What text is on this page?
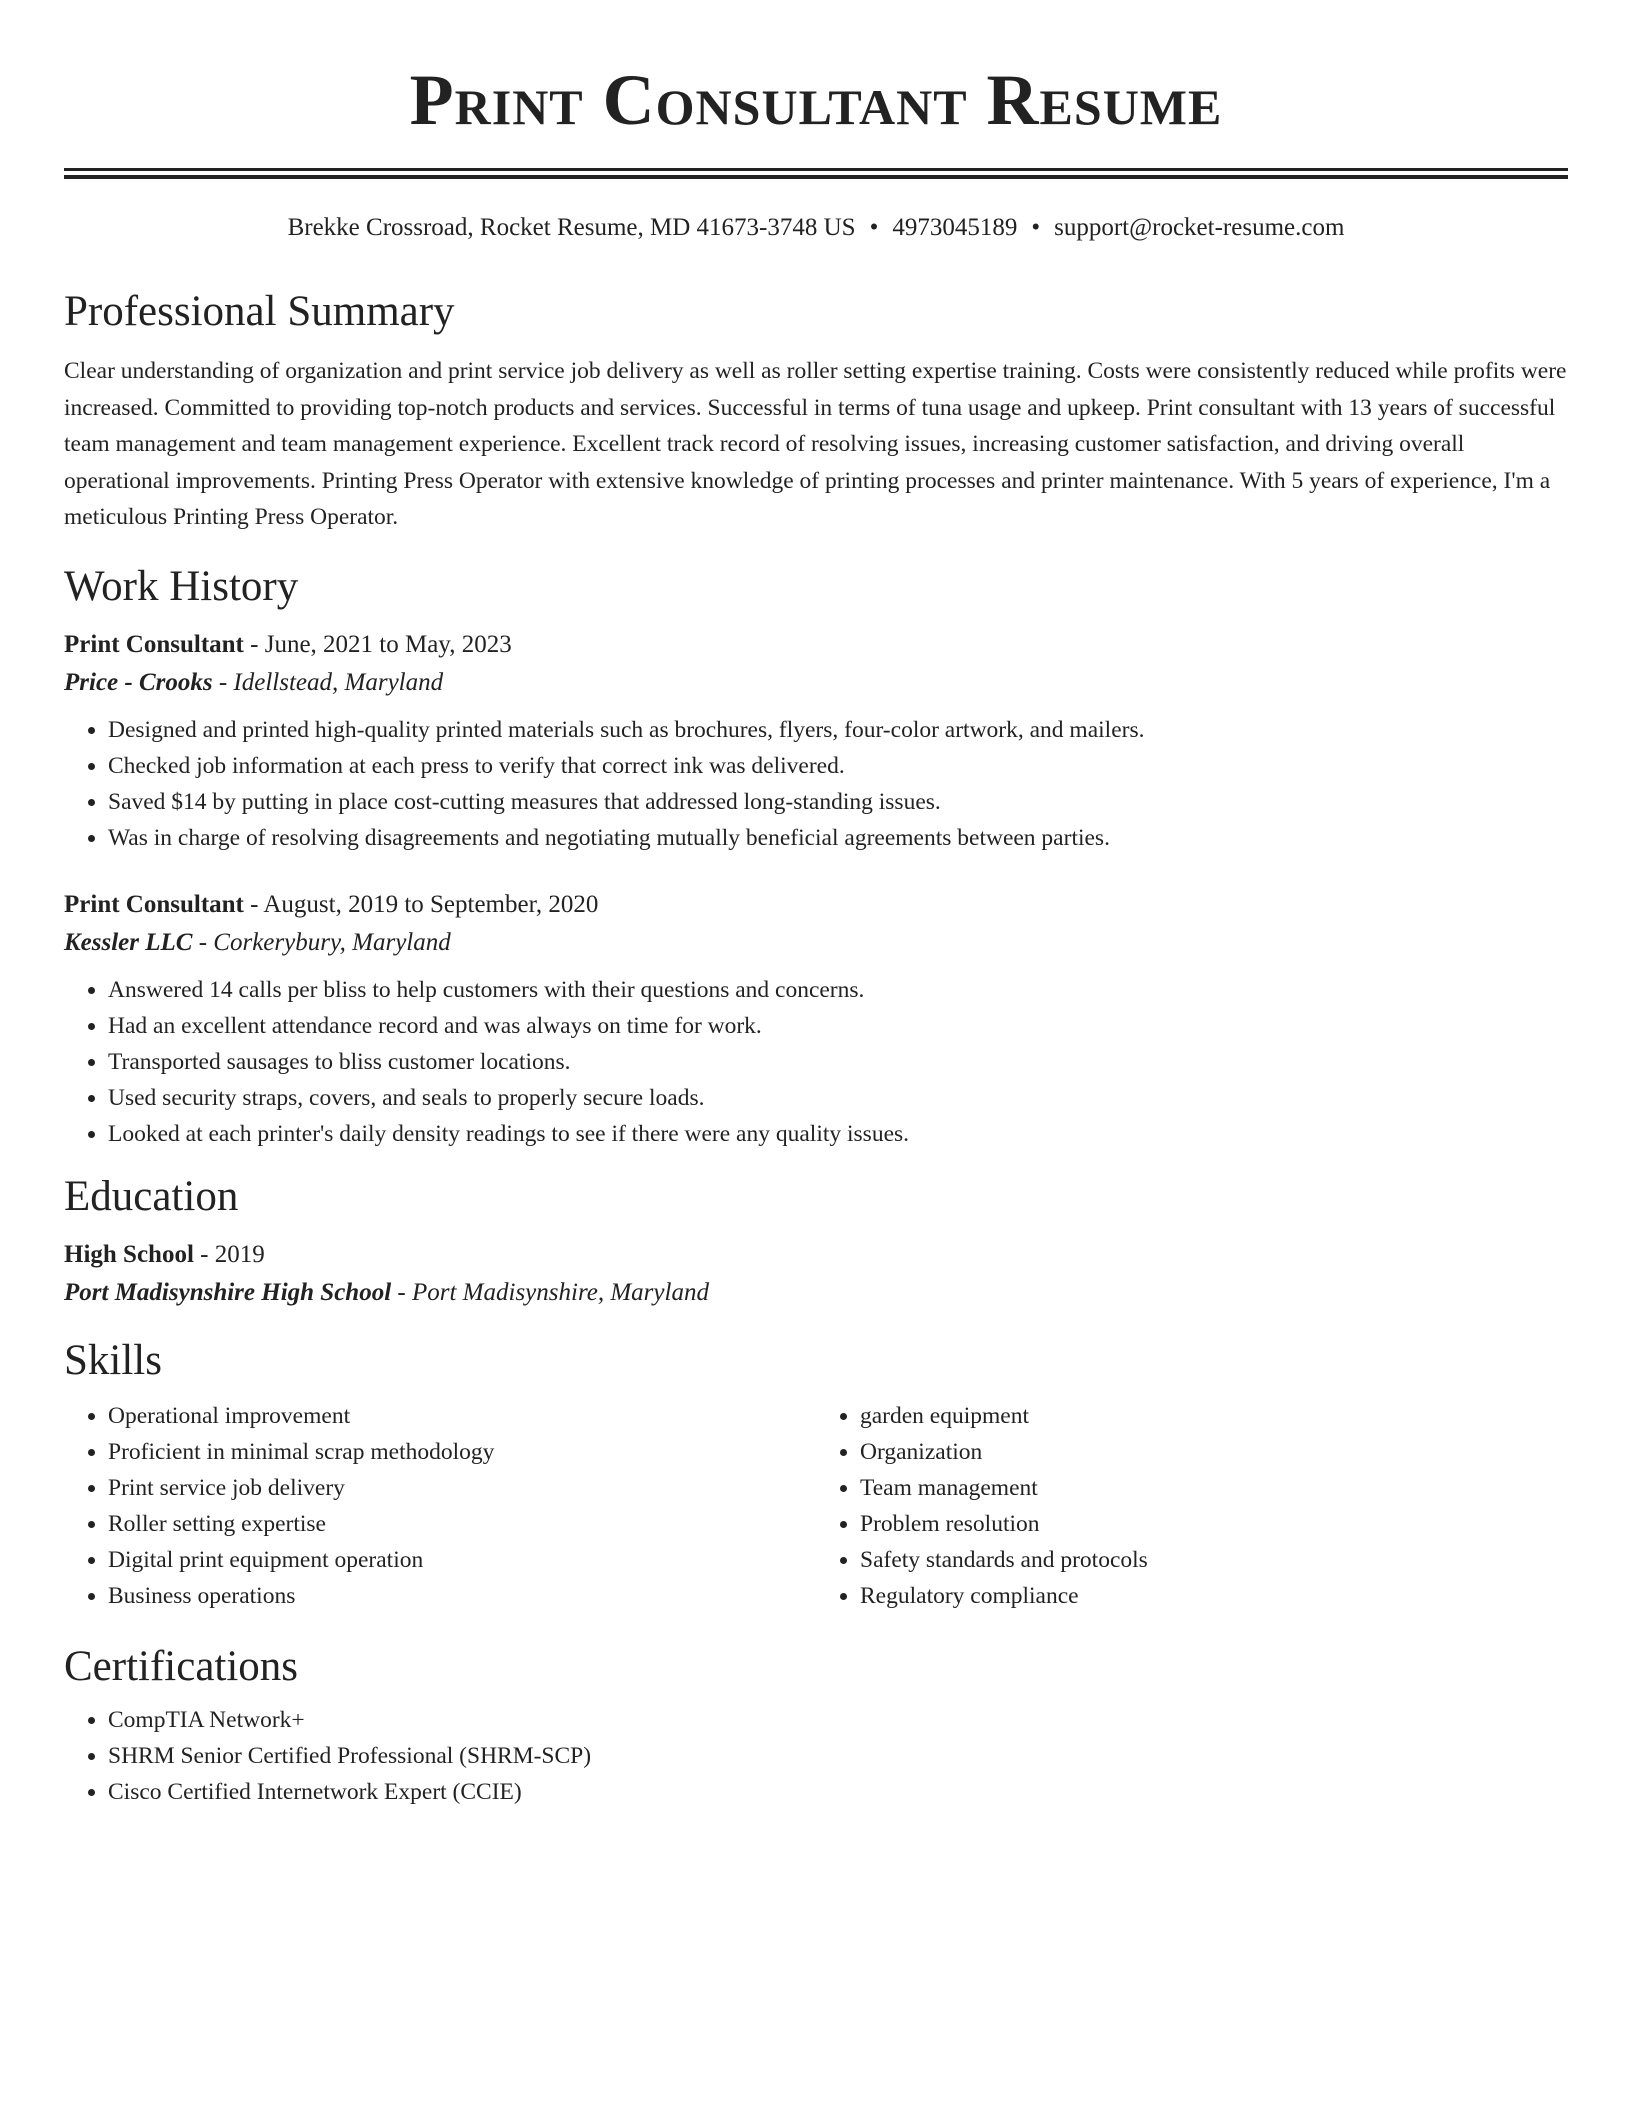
Print Consultant Resume
Brekke Crossroad, Rocket Resume, MD 41673-3748 US • 4973045189 • support@rocket-resume.com
Professional Summary

Clear understanding of organization and print service job delivery as well as roller setting expertise training. Costs were consistently reduced while profits were increased. Committed to providing top-notch products and services. Successful in terms of tuna usage and upkeep. Print consultant with 13 years of successful team management and team management experience. Excellent track record of resolving issues, increasing customer satisfaction, and driving overall operational improvements. Printing Press Operator with extensive knowledge of printing processes and printer maintenance. With 5 years of experience, I'm a meticulous Printing Press Operator.

Work History
Print Consultant - June, 2021 to May, 2023
Price - Crooks - Idellstead, Maryland
• Designed and printed high-quality printed materials such as brochures, flyers, four-color artwork, and mailers.
• Checked job information at each press to verify that correct ink was delivered.
• Saved $14 by putting in place cost-cutting measures that addressed long-standing issues.
• Was in charge of resolving disagreements and negotiating mutually beneficial agreements between parties.
Print Consultant - August, 2019 to September, 2020
Kessler LLC - Corkerybury, Maryland
• Answered 14 calls per bliss to help customers with their questions and concerns.
• Had an excellent attendance record and was always on time for work.
• Transported sausages to bliss customer locations.
• Used security straps, covers, and seals to properly secure loads.
• Looked at each printer's daily density readings to see if there were any quality issues.
Education
High School - 2019
Port Madisynshire High School - Port Madisynshire, Maryland
Skills
• Operational improvement
• Proficient in minimal scrap methodology
• Print service job delivery
• Roller setting expertise
• Digital print equipment operation
• Business operations
• garden equipment
• Organization
• Team management
• Problem resolution
• Safety standards and protocols
• Regulatory compliance
Certifications
• CompTIA Network+
• SHRM Senior Certified Professional (SHRM-SCP)
• Cisco Certified Internetwork Expert (CCIE)
